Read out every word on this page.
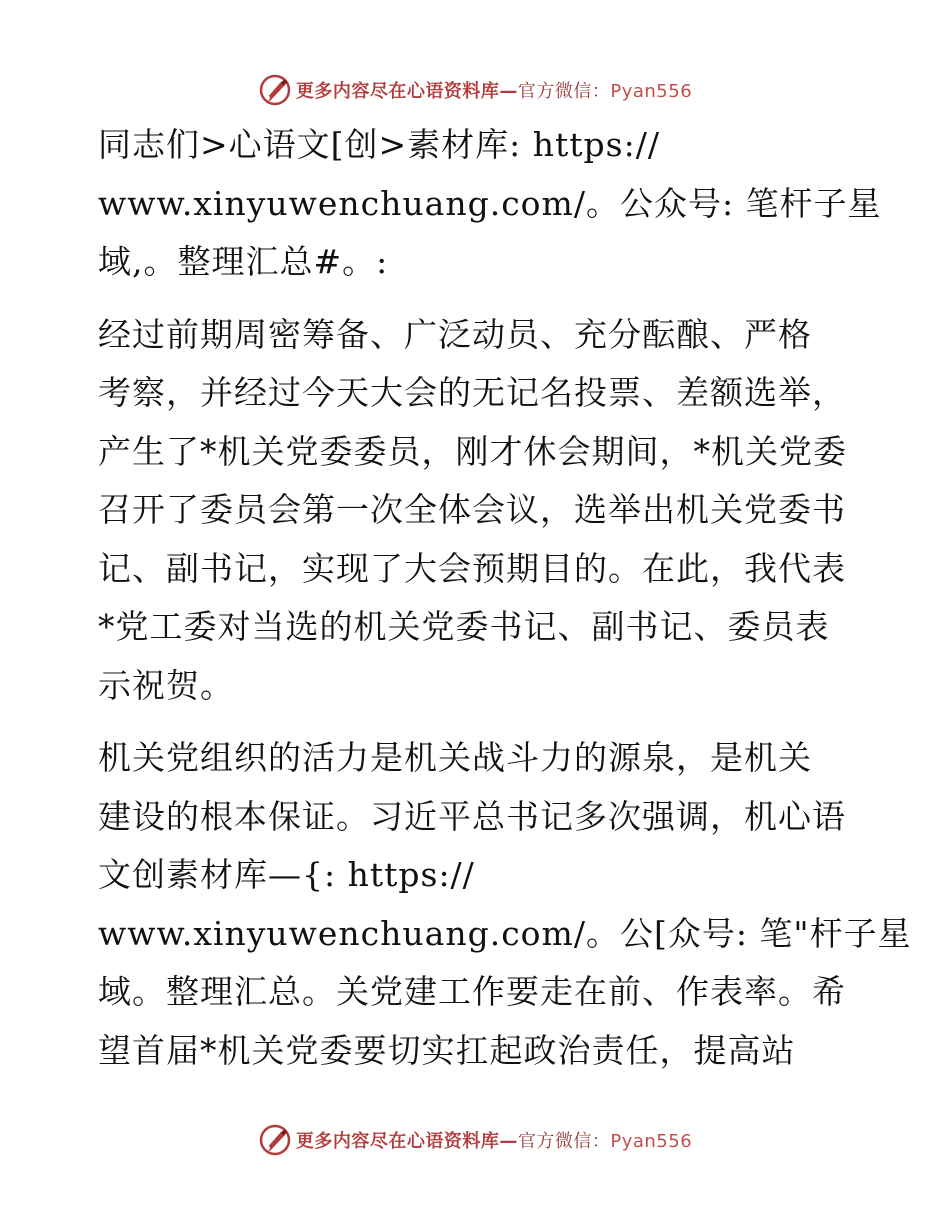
更多内容尽在心语资料库—官方微信：Pyan556
同志们>心语文[创>素材库: https://
www.xinyuwenchuang.com/。公众号: 笔杆子星
域,。整理汇总#。:
经过前期周密筹备、广泛动员、充分酝酿、严格
考察，并经过今天大会的无记名投票、差额选举，
产生了*机关党委委员，刚才休会期间，*机关党委
召开了委员会第一次全体会议，选举出机关党委书
记、副书记，实现了大会预期目的。在此，我代表
*党工委对当选的机关党委书记、副书记、委员表
示祝贺。
机关党组织的活力是机关战斗力的源泉，是机关
建设的根本保证。习近平总书记多次强调，机心语
文创素材库—{: https://
www.xinyuwenchuang.com/。公[众号: 笔"杆子星
域。整理汇总。关党建工作要走在前、作表率。希
望首届*机关党委要切实扛起政治责任，提高站
更多内容尽在心语资料库—官方微信：Pyan556
